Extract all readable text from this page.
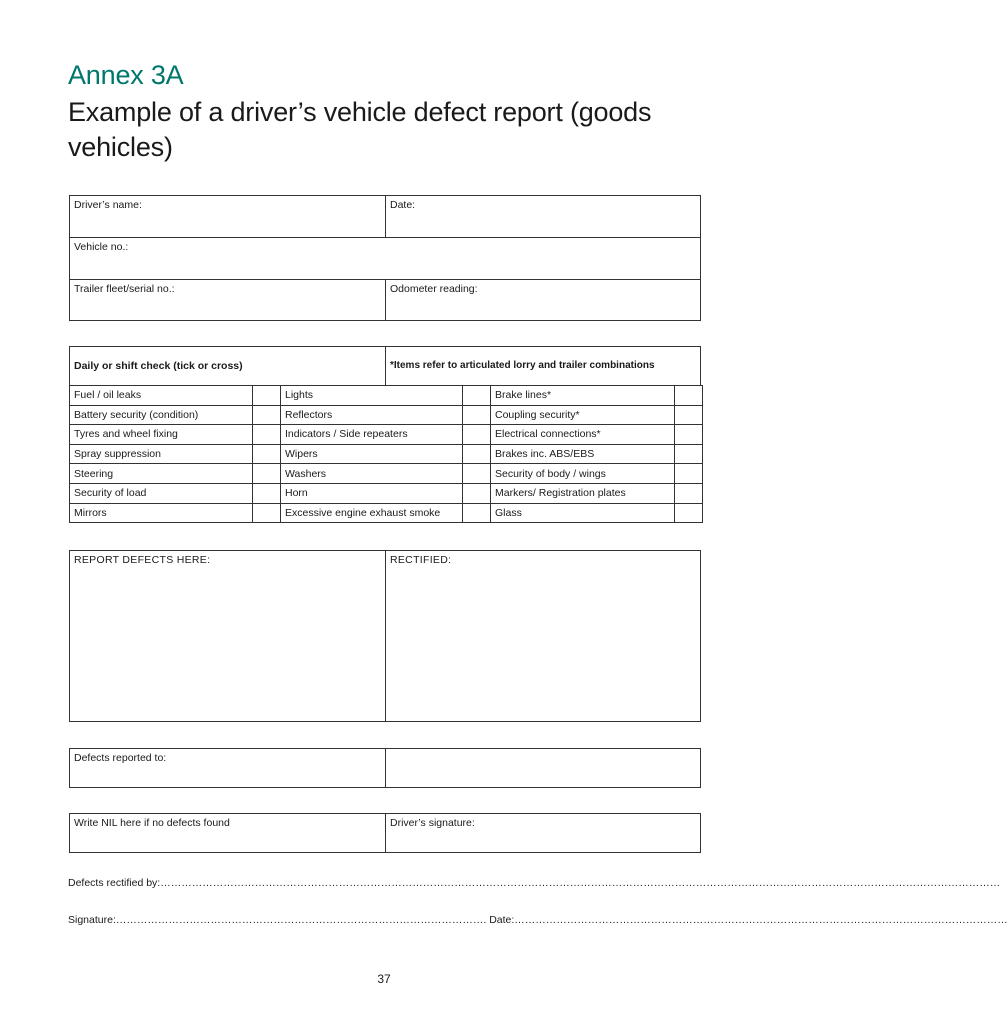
Annex 3A
Example of a driver’s vehicle defect report (goods vehicles)
Driver’s name:	Date:
Vehicle no.:
Trailer fleet/serial no.:	Odometer reading:
Daily or shift check (tick or cross)	*Items refer to articulated lorry and trailer combinations
Fuel / oil leaks		Lights		Brake lines*	
Battery security (condition)		Reflectors		Coupling security*	
Tyres and wheel fixing		Indicators / Side repeaters		Electrical connections*	
Spray suppression		Wipers		Brakes inc. ABS/EBS	
Steering		Washers		Security of body / wings	
Security of load		Horn		Markers/ Registration plates	
Mirrors		Excessive engine exhaust smoke		Glass	
REPORT DEFECTS HERE:	RECTIFIED:
Defects reported to:
Write NIL here if no defects found	Driver’s signature:
Defects rectified by:……………………………………………………………………………………………………………………………………………………………………………………………………………………
Signature:……………………………………………………………………………………………. Date:……………………………………………………………………………………………………………………………
37
